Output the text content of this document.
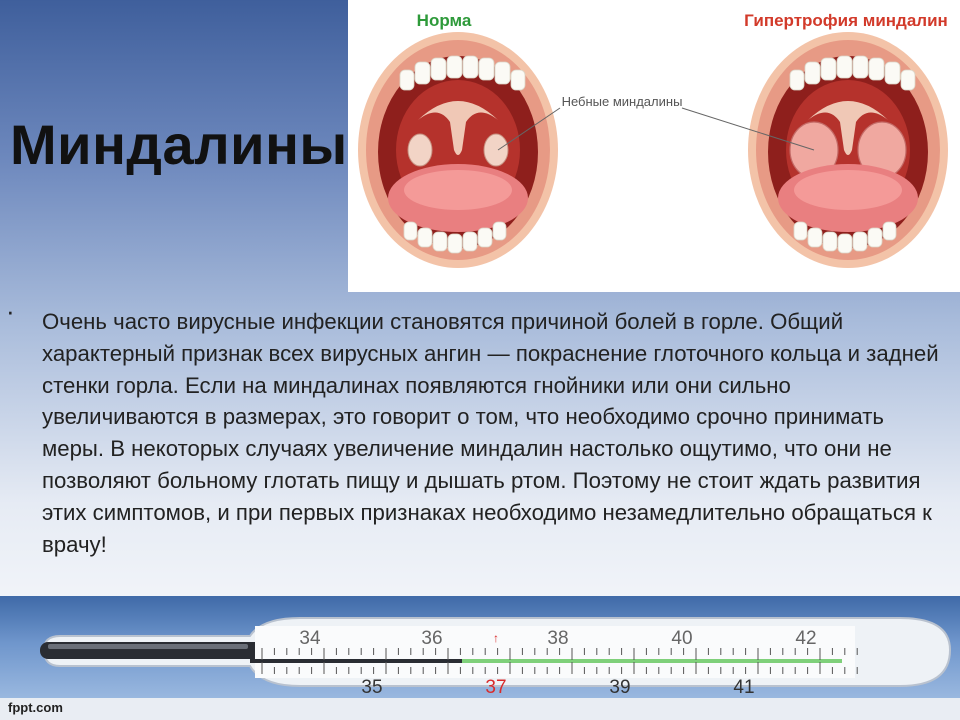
Норма	Гипертрофия миндалин
Небные миндалины
Миндалины
· Очень часто вирусные инфекции становятся причиной болей в горле. Общий характерный признак всех вирусных ангин — покраснение глоточного кольца и задней стенки горла. Если на миндалинах появляются гнойники или они сильно увеличиваются в размерах, это говорит о том, что необходимо срочно принимать меры. В некоторых случаях увеличение миндалин настолько ощутимо, что они не позволяют больному глотать пищу и дышать ртом. Поэтому не стоит ждать развития этих симптомов, и при первых признаках необходимо незамедлительно обращаться к врачу!

↑
34	36	38	40	42
35	37	39	41
fppt.com
